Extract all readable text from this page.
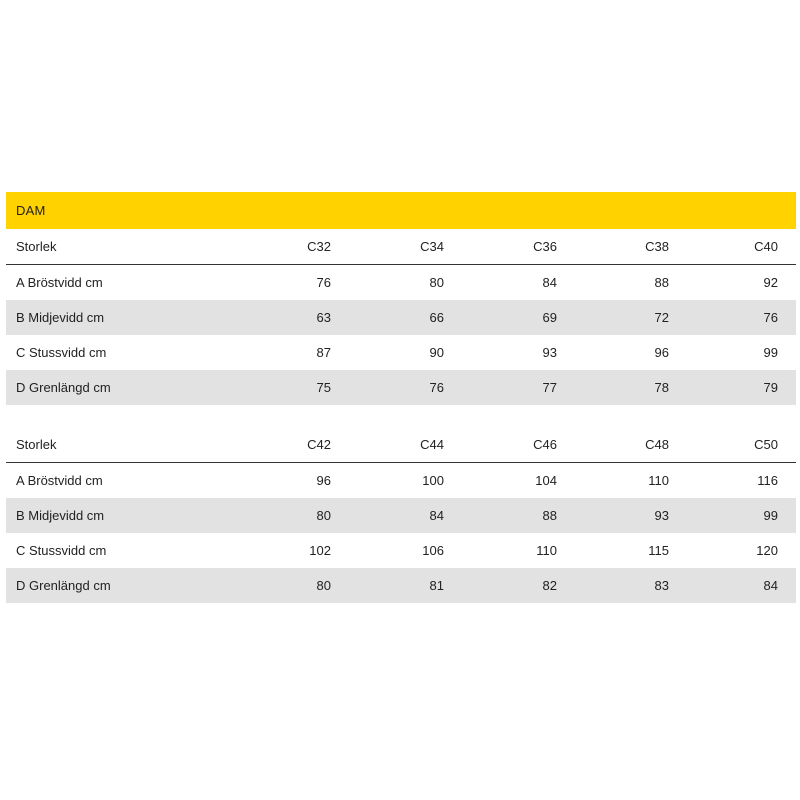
DAM
Storlek	C32	C34	C36	C38	C40
A Bröstvidd cm	76	80	84	88	92
B Midjevidd cm	63	66	69	72	76
C Stussvidd cm	87	90	93	96	99
D Grenlängd cm	75	76	77	78	79
Storlek	C42	C44	C46	C48	C50
A Bröstvidd cm	96	100	104	110	116
B Midjevidd cm	80	84	88	93	99
C Stussvidd cm	102	106	110	115	120
D Grenlängd cm	80	81	82	83	84
